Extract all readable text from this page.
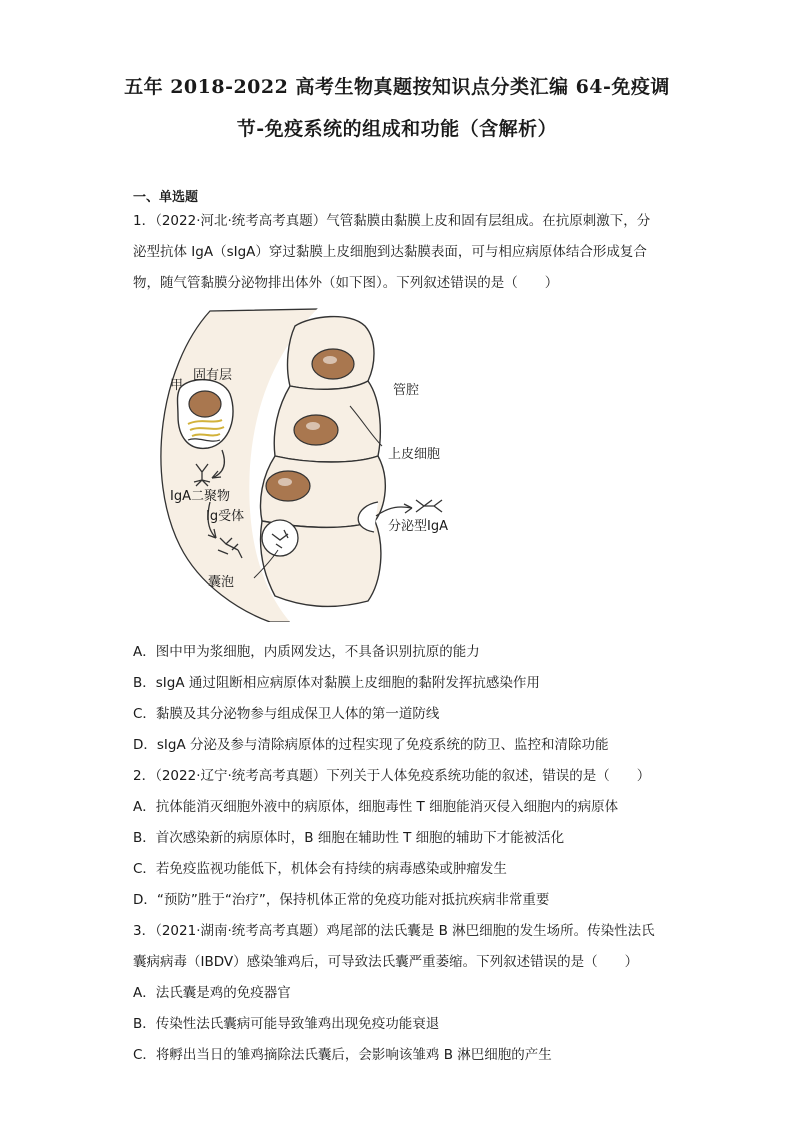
五年 2018-2022 高考生物真题按知识点分类汇编 64-免疫调
节-免疫系统的组成和功能（含解析）
一、单选题
1．（2022·河北·统考高考真题）气管黏膜由黏膜上皮和固有层组成。在抗原刺激下，分
泌型抗体 IgA（sIgA）穿过黏膜上皮细胞到达黏膜表面，可与相应病原体结合形成复合
物，随气管黏膜分泌物排出体外（如下图）。下列叙述错误的是（　　）
固有层
甲	管腔
上皮细胞
IgA二聚物
Ig受体
分泌型IgA
囊泡
A．图中甲为浆细胞，内质网发达，不具备识别抗原的能力
B．sIgA 通过阻断相应病原体对黏膜上皮细胞的黏附发挥抗感染作用
C．黏膜及其分泌物参与组成保卫人体的第一道防线
D．sIgA 分泌及参与清除病原体的过程实现了免疫系统的防卫、监控和清除功能
2．（2022·辽宁·统考高考真题）下列关于人体免疫系统功能的叙述，错误的是（　　）
A．抗体能消灭细胞外液中的病原体，细胞毒性 T 细胞能消灭侵入细胞内的病原体
B．首次感染新的病原体时，B 细胞在辅助性 T 细胞的辅助下才能被活化
C．若免疫监视功能低下，机体会有持续的病毒感染或肿瘤发生
D．“预防”胜于“治疗”，保持机体正常的免疫功能对抵抗疾病非常重要
3．（2021·湖南·统考高考真题）鸡尾部的法氏囊是 B 淋巴细胞的发生场所。传染性法氏
囊病病毒（IBDV）感染雏鸡后，可导致法氏囊严重萎缩。下列叙述错误的是（　　）
A．法氏囊是鸡的免疫器官
B．传染性法氏囊病可能导致雏鸡出现免疫功能衰退
C．将孵出当日的雏鸡摘除法氏囊后，会影响该雏鸡 B 淋巴细胞的产生
